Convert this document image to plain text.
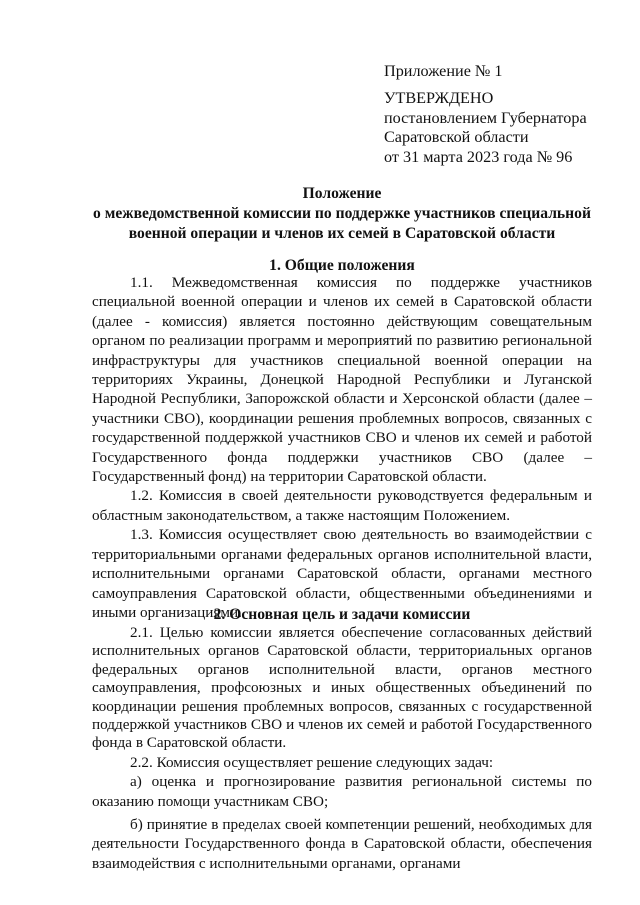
Приложение № 1
УТВЕРЖДЕНО
постановлением Губернатора
Саратовской области
от 31 марта 2023 года № 96
Положение
о межведомственной комиссии по поддержке участников специальной
военной операции и членов их семей в Саратовской области
1. Общие положения

1.1. Межведомственная комиссия по поддержке участников специальной военной операции и членов их семей в Саратовской области (далее - комиссия) является постоянно действующим совещательным органом по реализации программ и мероприятий по развитию региональной инфраструктуры для участников специальной военной операции на территориях Украины, Донецкой Народной Республики и Луганской Народной Республики, Запорожской области и Херсонской области (далее – участники СВО), координации решения проблемных вопросов, связанных с государственной поддержкой участников СВО и членов их семей и работой Государственного фонда поддержки участников СВО (далее – Государственный фонд) на территории Саратовской области.

1.2. Комиссия в своей деятельности руководствуется федеральным и областным законодательством, а также настоящим Положением.

1.3. Комиссия осуществляет свою деятельность во взаимодействии с территориальными органами федеральных органов исполнительной власти, исполнительными органами Саратовской области, органами местного самоуправления Саратовской области, общественными объединениями и иными организациями.

2. Основная цель и задачи комиссии

2.1. Целью комиссии является обеспечение согласованных действий исполнительных органов Саратовской области, территориальных органов федеральных органов исполнительной власти, органов местного самоуправления, профсоюзных и иных общественных объединений по координации решения проблемных вопросов, связанных с государственной поддержкой участников СВО и членов их семей и работой Государственного фонда в Саратовской области.

2.2. Комиссия осуществляет решение следующих задач:

а) оценка и прогнозирование развития региональной системы по оказанию помощи участникам СВО;

б) принятие в пределах своей компетенции решений, необходимых для деятельности Государственного фонда в Саратовской области, обеспечения взаимодействия с исполнительными органами, органами
